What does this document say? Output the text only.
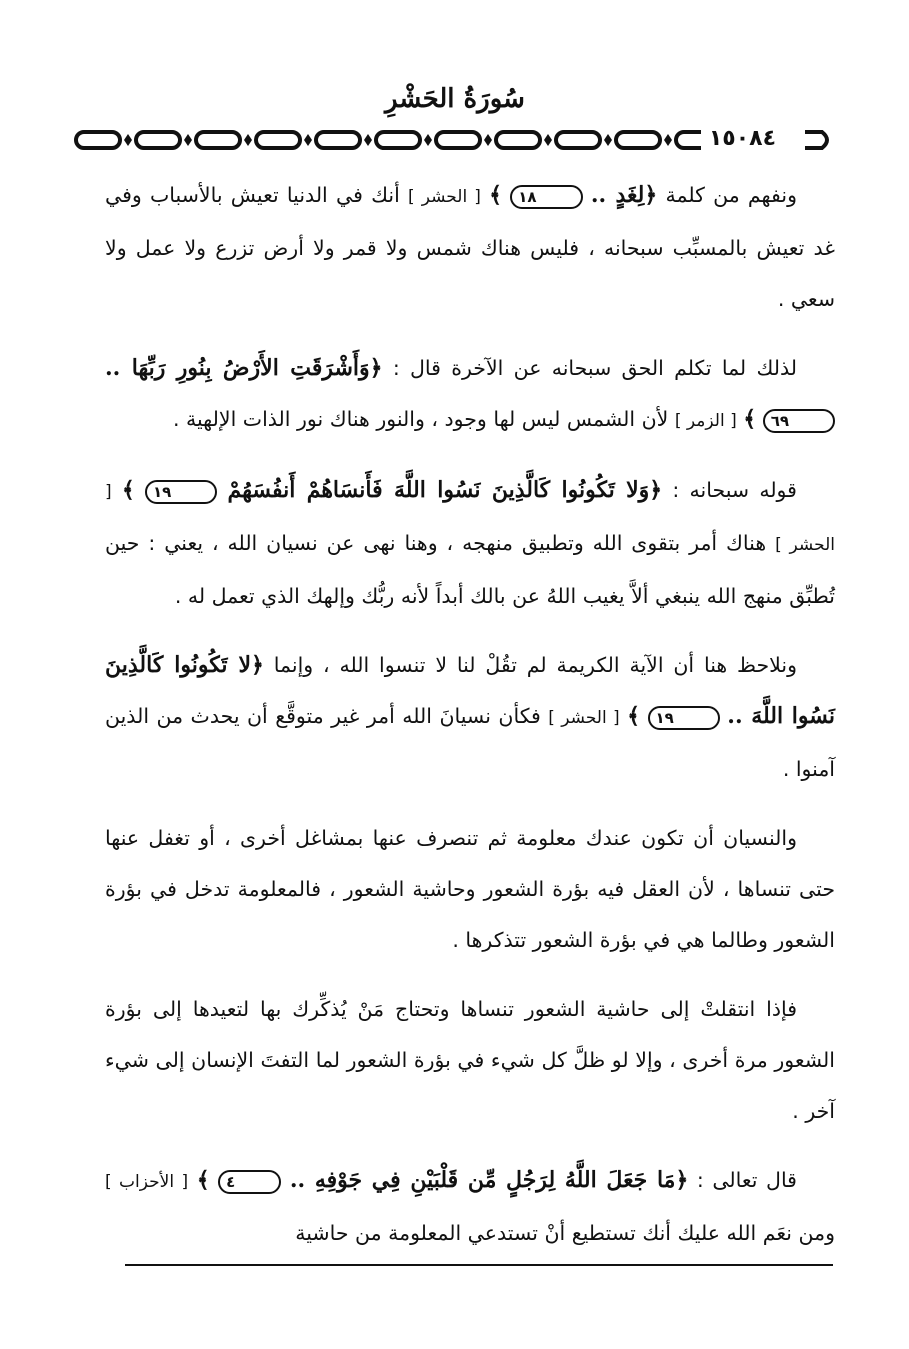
سُورَةُ الحَشْرِ
١٥٠٨٤

ونفهم من كلمة ﴿لِغَدٍ .. ١٨ ﴾ [ الحشر ] أنك في الدنيا تعيش بالأسباب وفي غد تعيش بالمسبِّب سبحانه ، فليس هناك شمس ولا قمر ولا أرض تزرع ولا عمل ولا سعي .

لذلك لما تكلم الحق سبحانه عن الآخرة قال : ﴿وَأَشْرَقَتِ الأَرْضُ بِنُورِ رَبِّهَا .. ٦٩ ﴾ [ الزمر ] لأن الشمس ليس لها وجود ، والنور هناك نور الذات الإلهية .

قوله سبحانه : ﴿وَلا تَكُونُوا كَالَّذِينَ نَسُوا اللَّهَ فَأَنسَاهُمْ أَنفُسَهُمْ ١٩ ﴾ [ الحشر ] هناك أمر بتقوى الله وتطبيق منهجه ، وهنا نهى عن نسيان الله ، يعني : حين تُطبِّق منهج الله ينبغي ألاَّ يغيب اللهُ عن بالك أبداً لأنه ربُّك وإلهك الذي تعمل له .

ونلاحظ هنا أن الآية الكريمة لم تقُلْ لنا لا تنسوا الله ، وإنما ﴿لا تَكُونُوا كَالَّذِينَ نَسُوا اللَّهَ .. ١٩ ﴾ [ الحشر ] فكأن نسيانَ الله أمر غير متوقَّع أن يحدث من الذين آمنوا .

والنسيان أن تكون عندك معلومة ثم تنصرف عنها بمشاغل أخرى ، أو تغفل عنها حتى تنساها ، لأن العقل فيه بؤرة الشعور وحاشية الشعور ، فالمعلومة تدخل في بؤرة الشعور وطالما هي في بؤرة الشعور تتذكرها .

فإذا انتقلتْ إلى حاشية الشعور تنساها وتحتاج مَنْ يُذكِّرك بها لتعيدها إلى بؤرة الشعور مرة أخرى ، وإلا لو ظلَّ كل شيء في بؤرة الشعور لما التفتَ الإنسان إلى شيء آخر .

قال تعالى : ﴿مَا جَعَلَ اللَّهُ لِرَجُلٍ مِّن قَلْبَيْنِ فِي جَوْفِهِ .. ٤ ﴾ [ الأحزاب ] ومن نعَم الله عليك أنك تستطيع أنْ تستدعي المعلومة من حاشية
